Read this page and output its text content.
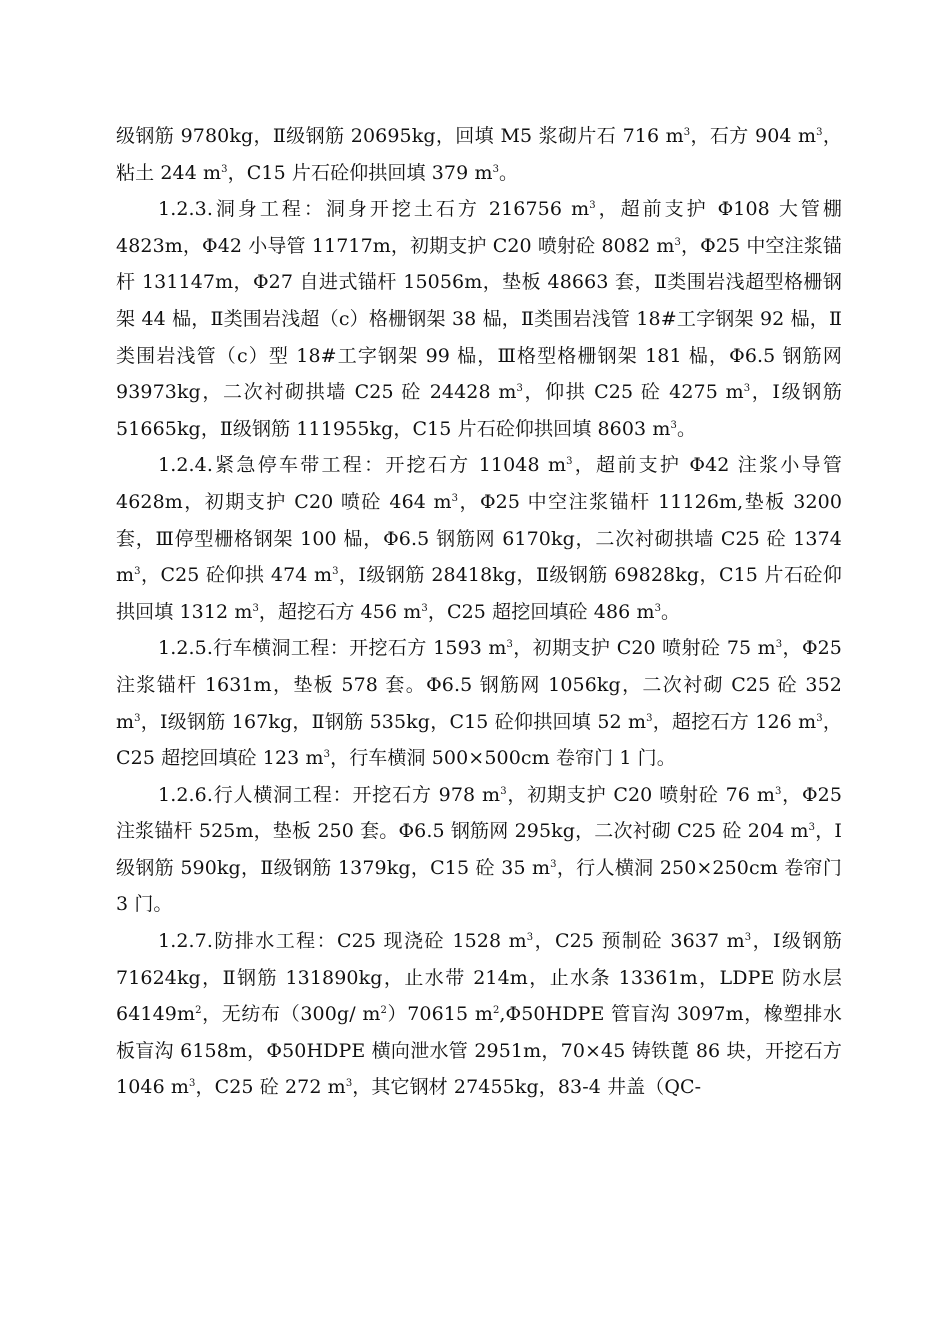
级钢筋 9780kg，Ⅱ级钢筋 20695kg，回填 M5 浆砌片石 716 $m^3$，石方 904 $m^3$，粘土 244 $m^3$，C15 片石砼仰拱回填 379 $m^3$。

1.2.3.洞身工程：洞身开挖土石方 216756 $m^3$，超前支护 Φ108 大管棚 4823m，Φ42 小导管 11717m，初期支护 C20 喷射砼 8082 $m^3$，Φ25 中空注浆锚杆 131147m，Φ27 自进式锚杆 15056m，垫板 48663 套，Ⅱ类围岩浅超型格栅钢架 44 榀，Ⅱ类围岩浅超（c）格栅钢架 38 榀，Ⅱ类围岩浅管 18#工字钢架 92 榀，Ⅱ类围岩浅管（c）型 18#工字钢架 99 榀，Ⅲ格型格栅钢架 181 榀，Φ6.5 钢筋网 93973kg，二次衬砌拱墙 C25 砼 24428 $m^3$，仰拱 C25 砼 4275 $m^3$，Ⅰ级钢筋 51665kg，Ⅱ级钢筋 111955kg，C15 片石砼仰拱回填 8603 $m^3$。

1.2.4.紧急停车带工程：开挖石方 11048 $m^3$，超前支护 Φ42 注浆小导管 4628m，初期支护 C20 喷砼 464 $m^3$，Φ25 中空注浆锚杆 11126m,垫板 3200 套，Ⅲ停型栅格钢架 100 榀，Φ6.5 钢筋网 6170kg，二次衬砌拱墙 C25 砼 1374 $m^3$，C25 砼仰拱 474 $m^3$，Ⅰ级钢筋 28418kg，Ⅱ级钢筋 69828kg，C15 片石砼仰拱回填 1312 $m^3$，超挖石方 456 $m^3$，C25 超挖回填砼 486 $m^3$。

1.2.5.行车横洞工程：开挖石方 1593 $m^3$，初期支护 C20 喷射砼 75 $m^3$，Φ25 注浆锚杆 1631m，垫板 578 套。Φ6.5 钢筋网 1056kg，二次衬砌 C25 砼 352 $m^3$，Ⅰ级钢筋 167kg，Ⅱ钢筋 535kg，C15 砼仰拱回填 52 $m^3$，超挖石方 126 $m^3$，C25 超挖回填砼 123 $m^3$，行车横洞 500×500cm 卷帘门 1 门。

1.2.6.行人横洞工程：开挖石方 978 $m^3$，初期支护 C20 喷射砼 76 $m^3$，Φ25 注浆锚杆 525m，垫板 250 套。Φ6.5 钢筋网 295kg，二次衬砌 C25 砼 204 $m^3$，Ⅰ级钢筋 590kg，Ⅱ级钢筋 1379kg，C15 砼 35 $m^3$，行人横洞 250×250cm 卷帘门 3 门。

1.2.7.防排水工程：C25 现浇砼 1528 $m^3$，C25 预制砼 3637 $m^3$，Ⅰ级钢筋 71624kg，Ⅱ钢筋 131890kg，止水带 214m，止水条 13361m，LDPE 防水层 $64149m^2$，无纺布（300g/ $m^2)70615$ $m^2,\Phi 50HDPE$ 管盲沟 3097m，橡塑排水板盲沟 6158m，Φ50HDPE 横向泄水管 2951m，70×45 铸铁蓖 86 块，开挖石方 1046 $m^3$，C25 砼 272 $m^3$，其它钢材 27455kg，83-4 井盖（QC-
